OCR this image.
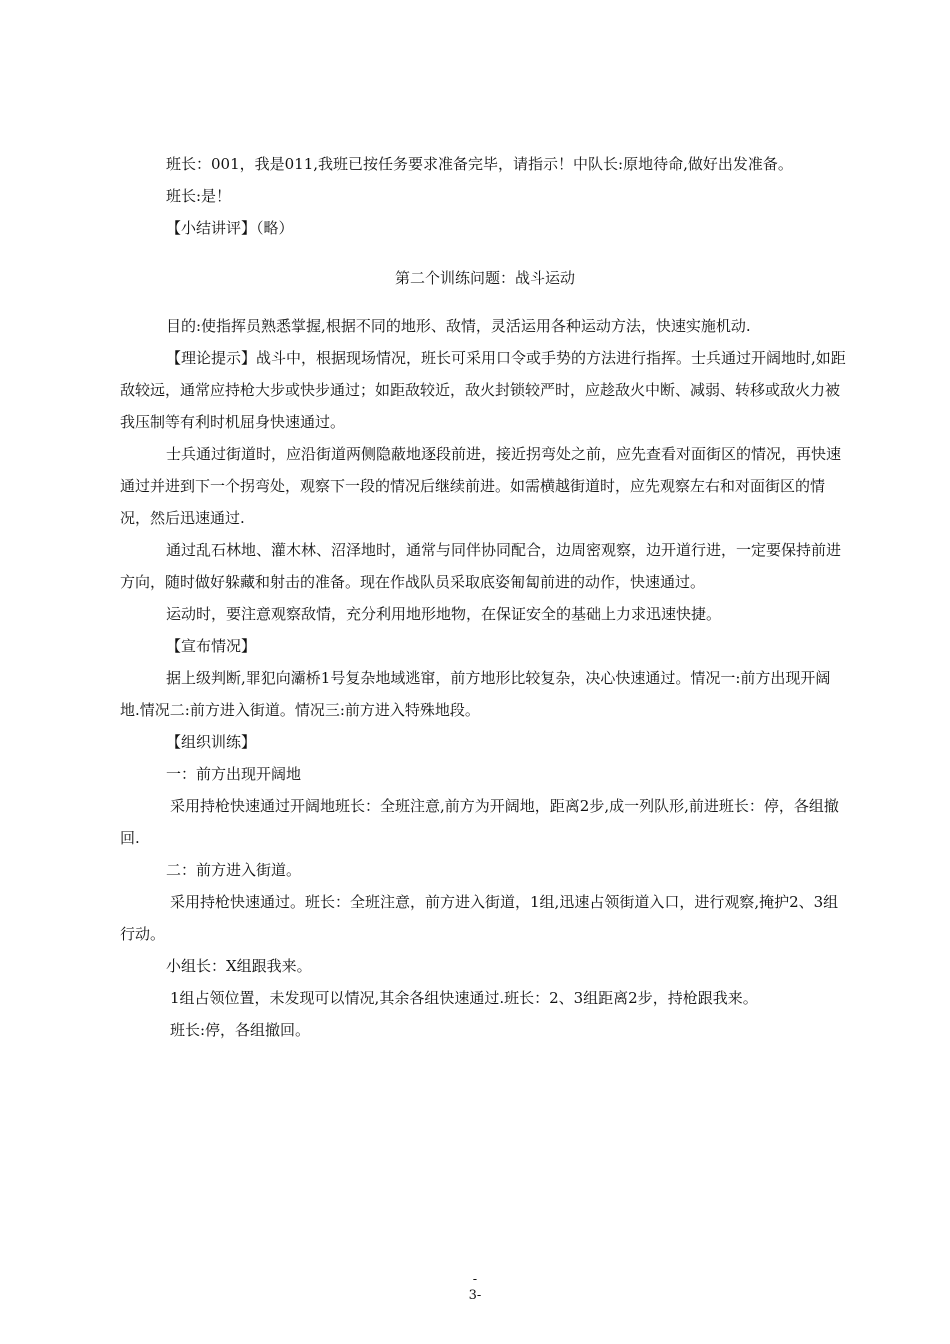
班长：001，我是011,我班已按任务要求准备完毕，请指示！中队长:原地待命,做好出发准备。

班长:是！

【小结讲评】（略）

第二个训练问题：战斗运动

目的:使指挥员熟悉掌握,根据不同的地形、敌情，灵活运用各种运动方法，快速实施机动.

【理论提示】战斗中，根据现场情况，班长可采用口令或手势的方法进行指挥。士兵通过开阔地时,如距敌较远，通常应持枪大步或快步通过；如距敌较近，敌火封锁较严时，应趁敌火中断、减弱、转移或敌火力被我压制等有利时机屈身快速通过。

士兵通过街道时，应沿街道两侧隐蔽地逐段前进，接近拐弯处之前，应先查看对面街区的情况，再快速通过并进到下一个拐弯处，观察下一段的情况后继续前进。如需横越街道时，应先观察左右和对面街区的情况，然后迅速通过.

通过乱石林地、灌木林、沼泽地时，通常与同伴协同配合，边周密观察，边开道行进，一定要保持前进方向，随时做好躲藏和射击的准备。现在作战队员采取底姿匍匐前进的动作，快速通过。

运动时，要注意观察敌情，充分利用地形地物，在保证安全的基础上力求迅速快捷。

【宣布情况】

据上级判断,罪犯向灞桥1号复杂地域逃窜，前方地形比较复杂，决心快速通过。情况一:前方出现开阔地.情况二:前方进入街道。情况三:前方进入特殊地段。

【组织训练】

一：前方出现开阔地

采用持枪快速通过开阔地班长：全班注意,前方为开阔地，距离2步,成一列队形,前进班长：停，各组撤回.

二：前方进入街道。

采用持枪快速通过。班长：全班注意，前方进入街道，1组,迅速占领街道入口，进行观察,掩护2、3组行动。

小组长：X组跟我来。

1组占领位置，未发现可以情况,其余各组快速通过.班长：2、3组距离2步，持枪跟我来。

班长:停，各组撤回。

-
3-
